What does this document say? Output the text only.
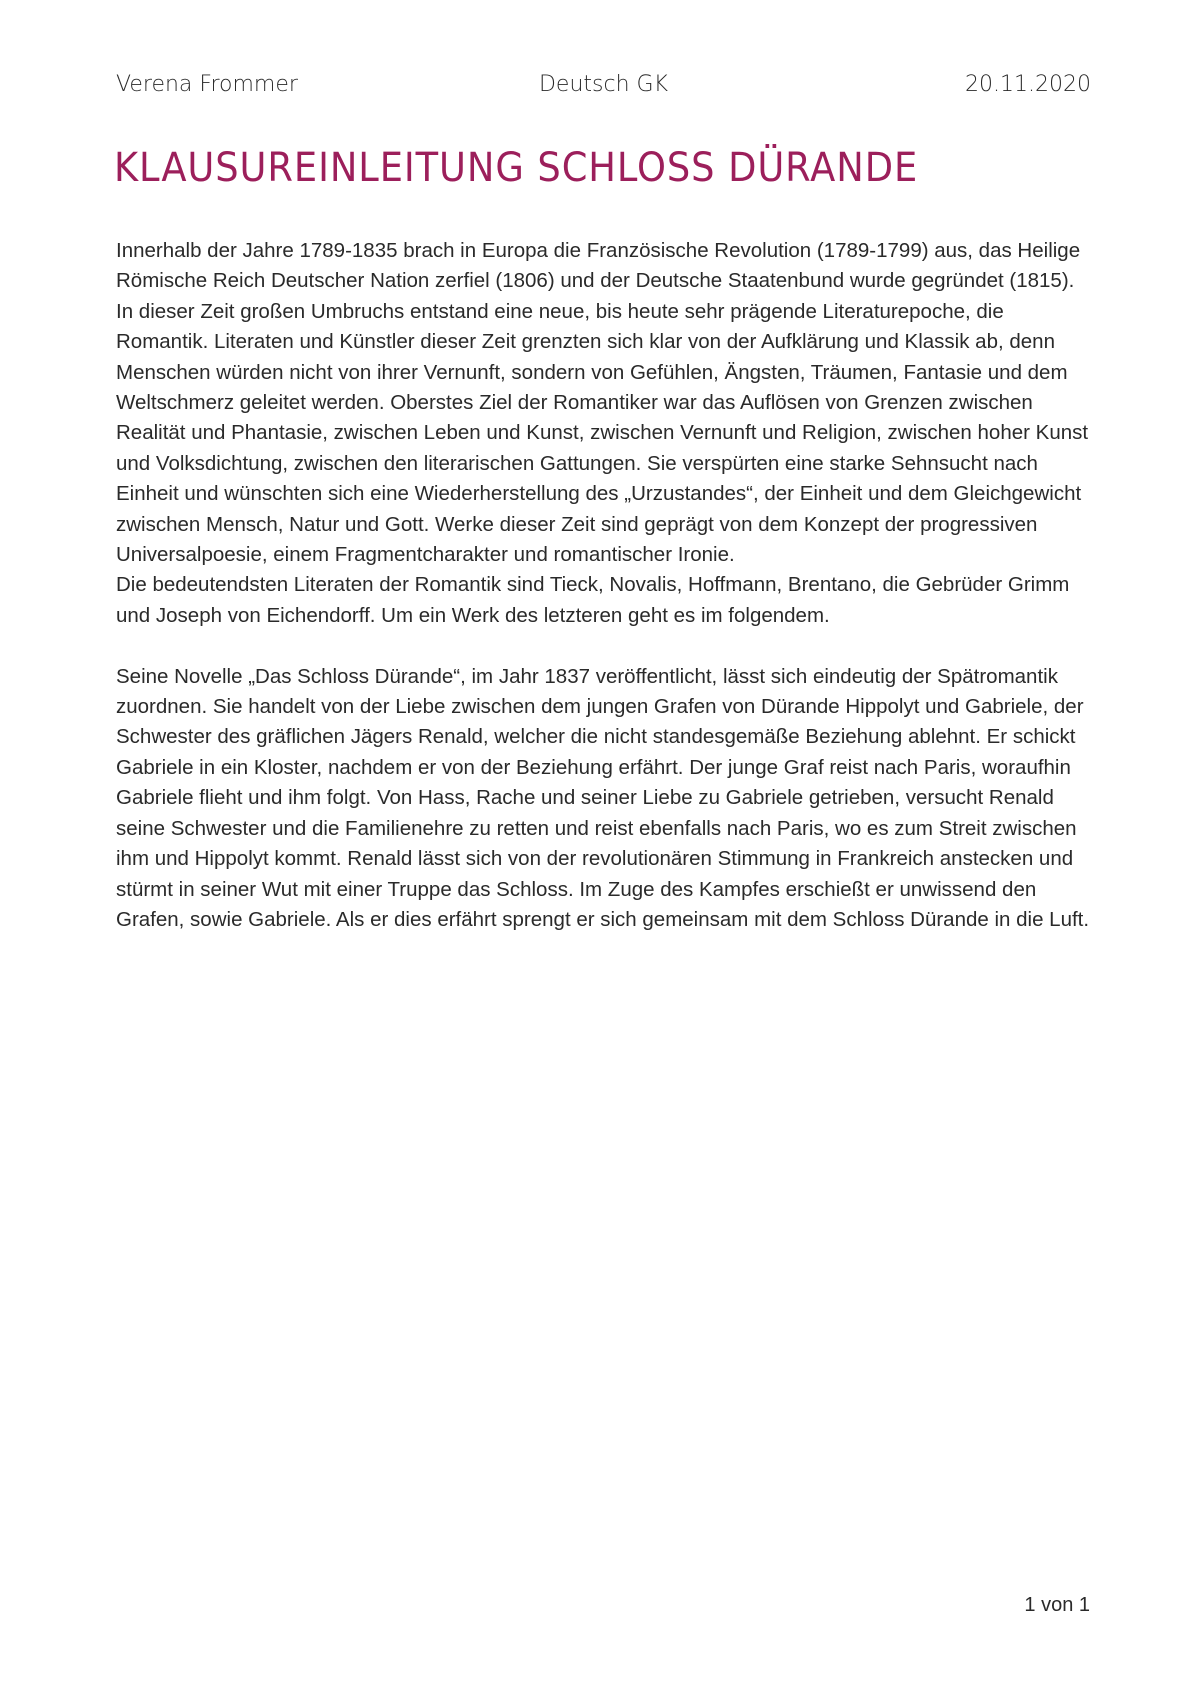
Verena Frommer	Deutsch GK	20.11.2020
KLAUSUREINLEITUNG SCHLOSS DÜRANDE

Innerhalb der Jahre 1789-1835 brach in Europa die Französische Revolution (1789-1799) aus, das Heilige Römische Reich Deutscher Nation zerfiel (1806) und der Deutsche Staatenbund wurde gegründet (1815).

In dieser Zeit großen Umbruchs entstand eine neue, bis heute sehr prägende Literaturepoche, die Romantik. Literaten und Künstler dieser Zeit grenzten sich klar von der Aufklärung und Klassik ab, denn Menschen würden nicht von ihrer Vernunft, sondern von Gefühlen, Ängsten, Träumen, Fantasie und dem Weltschmerz geleitet werden. Oberstes Ziel der Romantiker war das Auflösen von Grenzen zwischen Realität und Phantasie, zwischen Leben und Kunst, zwischen Vernunft und Religion, zwischen hoher Kunst und Volksdichtung, zwischen den literarischen Gattungen. Sie verspürten eine starke Sehnsucht nach Einheit und wünschten sich eine Wiederherstellung des „Urzustandes“, der Einheit und dem Gleichgewicht zwischen Mensch, Natur und Gott. Werke dieser Zeit sind geprägt von dem Konzept der progressiven Universalpoesie, einem Fragmentcharakter und romantischer Ironie.

Die bedeutendsten Literaten der Romantik sind Tieck, Novalis, Hoffmann, Brentano, die Gebrüder Grimm und Joseph von Eichendorff. Um ein Werk des letzteren geht es im folgendem.

Seine Novelle „Das Schloss Dürande“, im Jahr 1837 veröffentlicht, lässt sich eindeutig der Spätromantik zuordnen. Sie handelt von der Liebe zwischen dem jungen Grafen von Dürande Hippolyt und Gabriele, der Schwester des gräflichen Jägers Renald, welcher die nicht standesgemäße Beziehung ablehnt. Er schickt Gabriele in ein Kloster, nachdem er von der Beziehung erfährt. Der junge Graf reist nach Paris, woraufhin Gabriele flieht und ihm folgt. Von Hass, Rache und seiner Liebe zu Gabriele getrieben, versucht Renald seine Schwester und die Familienehre zu retten und reist ebenfalls nach Paris, wo es zum Streit zwischen ihm und Hippolyt kommt. Renald lässt sich von der revolutionären Stimmung in Frankreich anstecken und stürmt in seiner Wut mit einer Truppe das Schloss. Im Zuge des Kampfes erschießt er unwissend den Grafen, sowie Gabriele. Als er dies erfährt sprengt er sich gemeinsam mit dem Schloss Dürande in die Luft.

1 von 1
